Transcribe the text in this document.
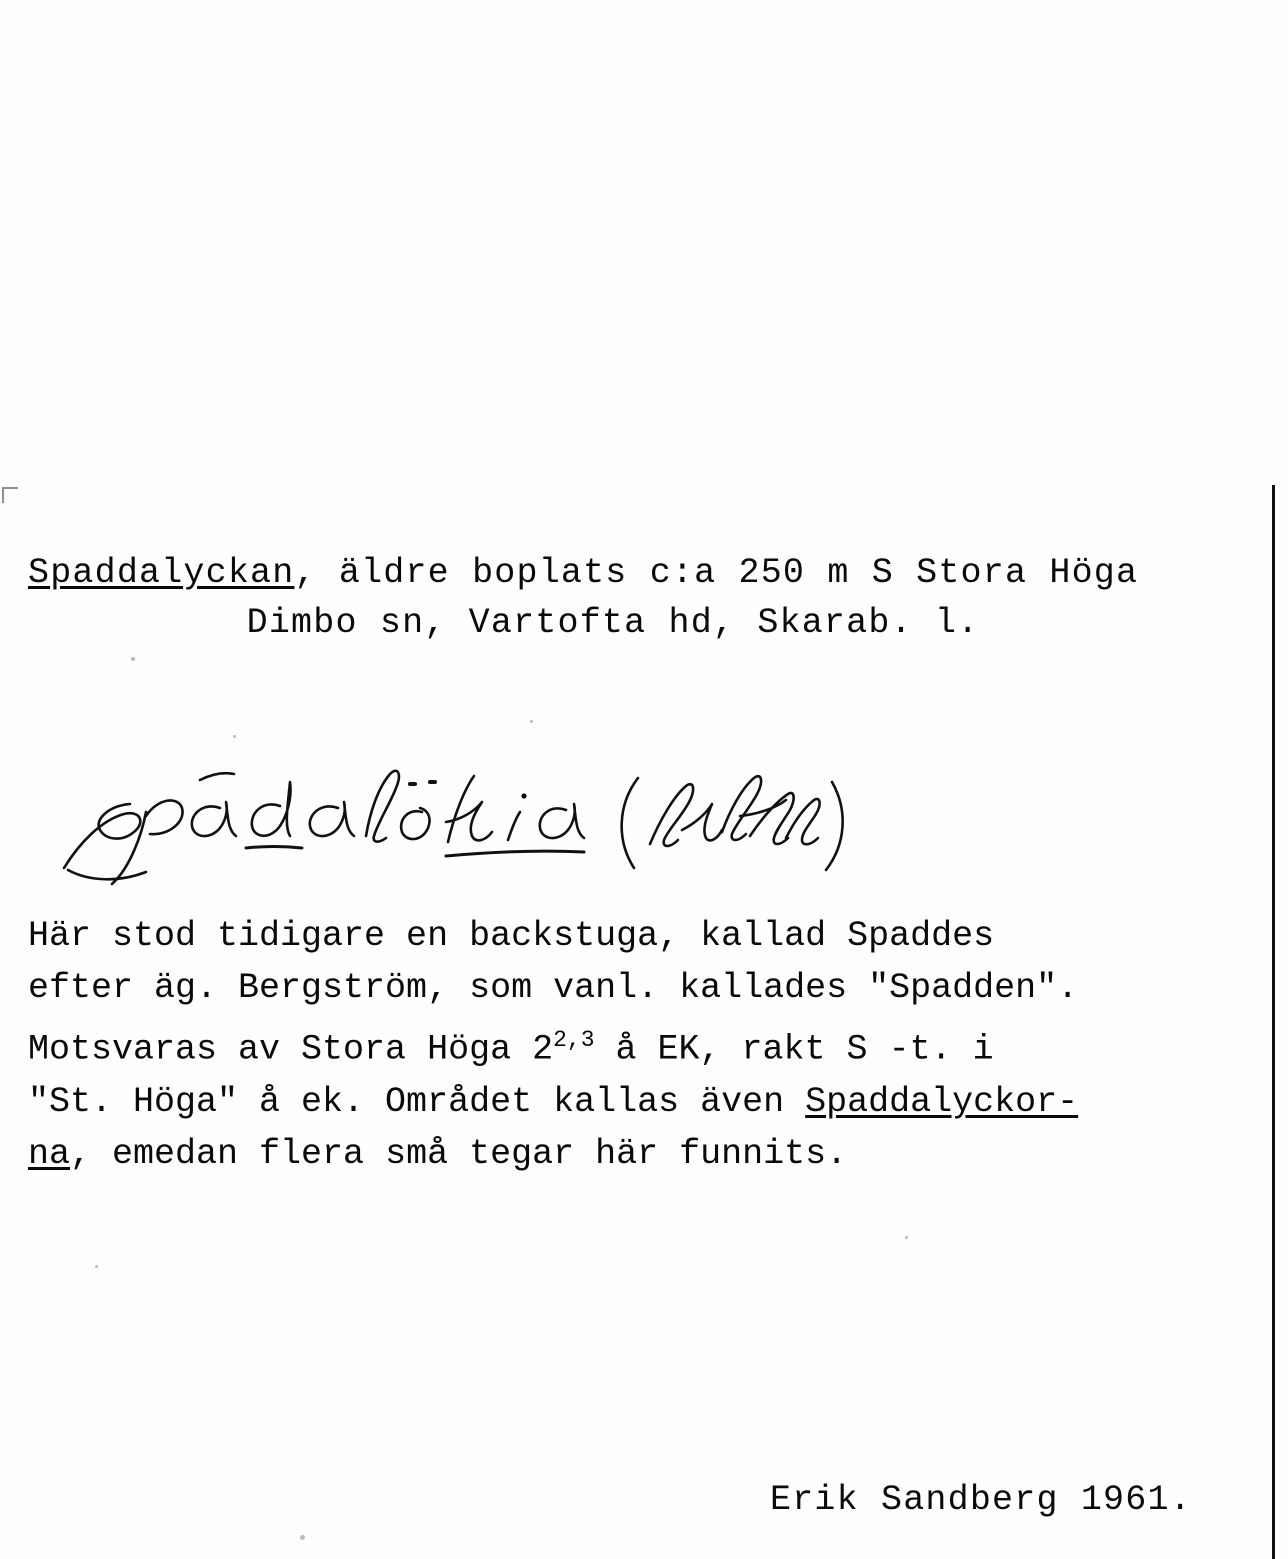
Spaddalyckan, äldre boplats c:a 250 m S Stora Höga
Dimbo sn, Vartofta hd, Skarab. l.
Här stod tidigare en backstuga, kallad Spaddes
efter äg. Bergström, som vanl. kallades "Spadden".
Motsvaras av Stora Höga 2$^{2,3}$ å EK, rakt S -t. i
"St. Höga" å ek. Området kallas även Spaddalyckor-
na, emedan flera små tegar här funnits.
Erik Sandberg 1961.
